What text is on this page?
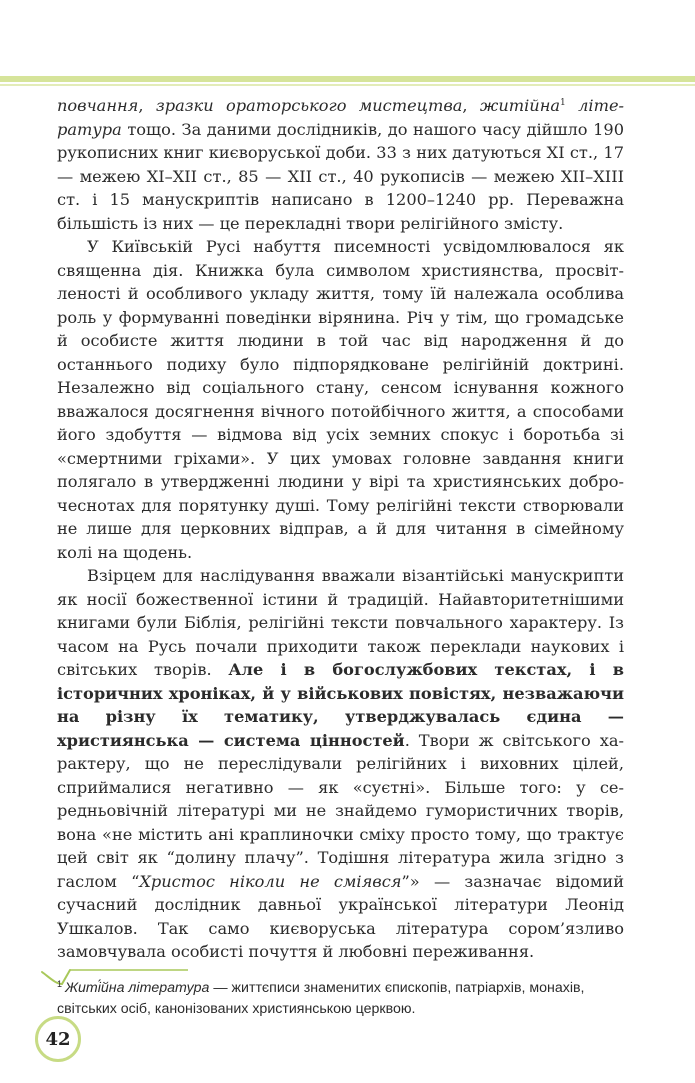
повчання, зразки ораторського мистецтва, житійна$^1$ література тощо. За даними дослідників, до нашого часу дійшло 190 рукописних книг києворуської доби. 33 з них датуються XI ст., 17 — межею XI–XII ст., 85 — XII ст., 40 рукописів — межею XII–XIII ст. і 15 манускриптів написано в 1200–1240 рр. Переважна більшість із них — це перекладні твори релігійного змісту.

У Київській Русі набуття писемності усвідомлювалося як священна дія. Книжка була символом християнства, просвітленості й особливого укладу життя, тому їй належала особлива роль у формуванні поведінки вірянина. Річ у тім, що громадське й особисте життя людини в той час від народження й до останнього подиху було підпорядковане релігійній доктрині. Незалежно від соціального стану, сенсом існування кожного вважалося досягнення вічного потойбічного життя, а способами його здобуття — відмова від усіх земних спокус і боротьба зі «смертними гріхами». У цих умовах головне завдання книги полягало в утвердженні людини у вірі та християнських доброчеснотах для порятунку душі. Тому релігійні тексти створювали не лише для церковних відправ, а й для читання в сімейному колі на щодень.

Взірцем для наслідування вважали візантійські манускрипти як носії божественної істини й традицій. Найавторитетнішими книгами були Біблія, релігійні тексти повчального характеру. Із часом на Русь почали приходити також переклади наукових і світських творів. Але і в богослужбових текстах, і в історичних хроніках, й у військових повістях, незважаючи на різну їх тематику, утверджувалась єдина — християнська — система цінностей. Твори ж світського характеру, що не переслідували релігійних і виховних цілей, сприймалися негативно — як «суєтні». Більше того: у середньовічній літературі ми не знайдемо гумористичних творів, вона «не містить ані краплиночки сміху просто тому, що трактує цей світ як “долину плачу”. Тодішня література жила згідно з гаслом “Христос ніколи не сміявся”» — зазначає відомий сучасний дослідник давньої української літератури Леонід Ушкалов. Так само києворуська література сором’язливо замовчувала особисті почуття й любовні переживання.

$^1$ Житі́йна література — життєписи знаменитих єпископів, патріархів, монахів, світських осіб, канонізованих християнською церквою.
42
